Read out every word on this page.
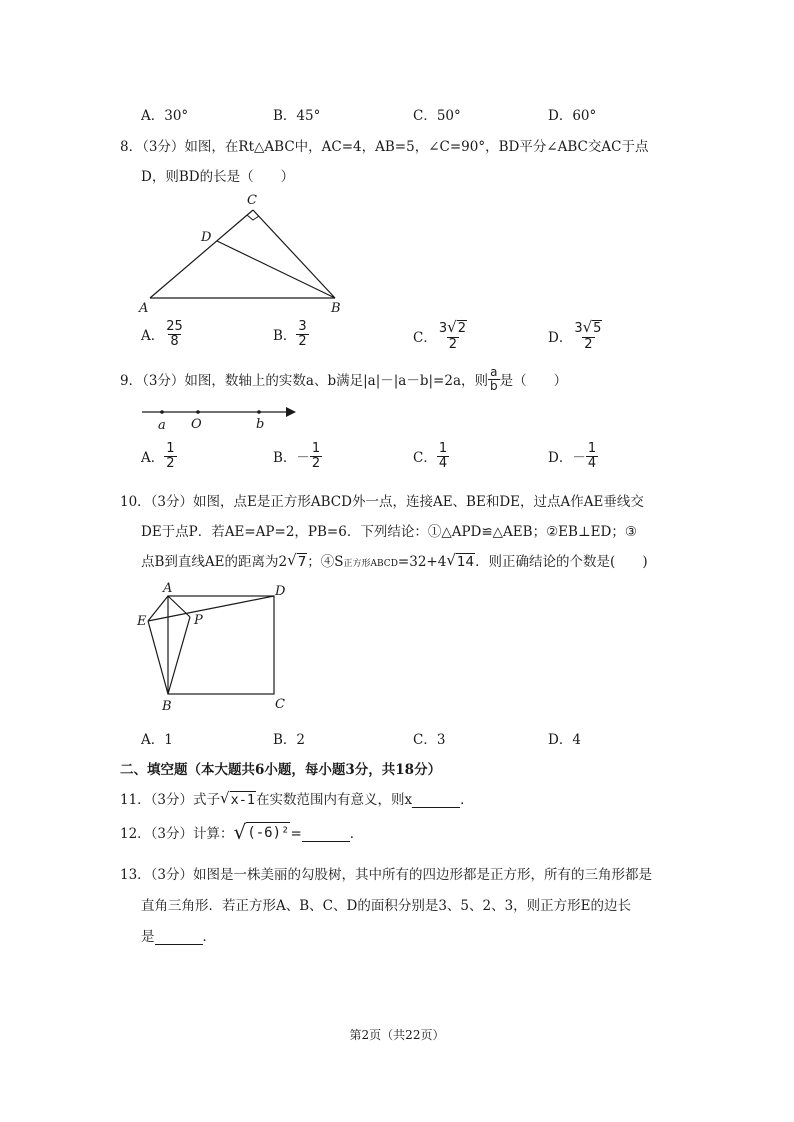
A．30°	B．45°	C．50°	D．60°
8．（3分）如图，在Rt△ABC中，AC=4，AB=5，∠C=90°，BD平分∠ABC交AC于点
D，则BD的长是（　　）
A	B
C
D
A． $\frac{25}{8}$	B． $\frac{3}{2}$	C． $\frac{3 √ 2}{2}$	D． $\frac{3 √ 5}{2}$
9．（3分）如图，数轴上的实数a、b满足|a|－|a－b|=2a，则 $\frac{a}{b}$ 是（　　）
a O	b
A． $\frac{1}{2}$	B． － $\frac{1}{2}$	C． $\frac{1}{4}$	D． － $\frac{1}{4}$
10．（3分）如图，点E是正方形ABCD外一点，连接AE、BE和DE，过点A作AE垂线交
DE于点P．若AE=AP=2，PB=6．下列结论：①△APD≌△AEB；②EB⊥ED；③
点B到直线AE的距离为2 √ 7 ；④S 正方形ABCD =32+4 √ 14 ．则正确结论的个数是(　　)
A	D
E	P
B	C
A．1	B．2	C．3	D．4
二、填空题（本大题共6小题，每小题3分，共18分）
11．（3分）式子 √ x-1 在实数范围内有意义，则x	．
12．（3分）计算： √ (-6)² =	．
13．（3分）如图是一株美丽的勾股树，其中所有的四边形都是正方形，所有的三角形都是
直角三角形．若正方形A、B、C、D的面积分别是3、5、2、3，则正方形E的边长
是	．
第2页（共22页）
